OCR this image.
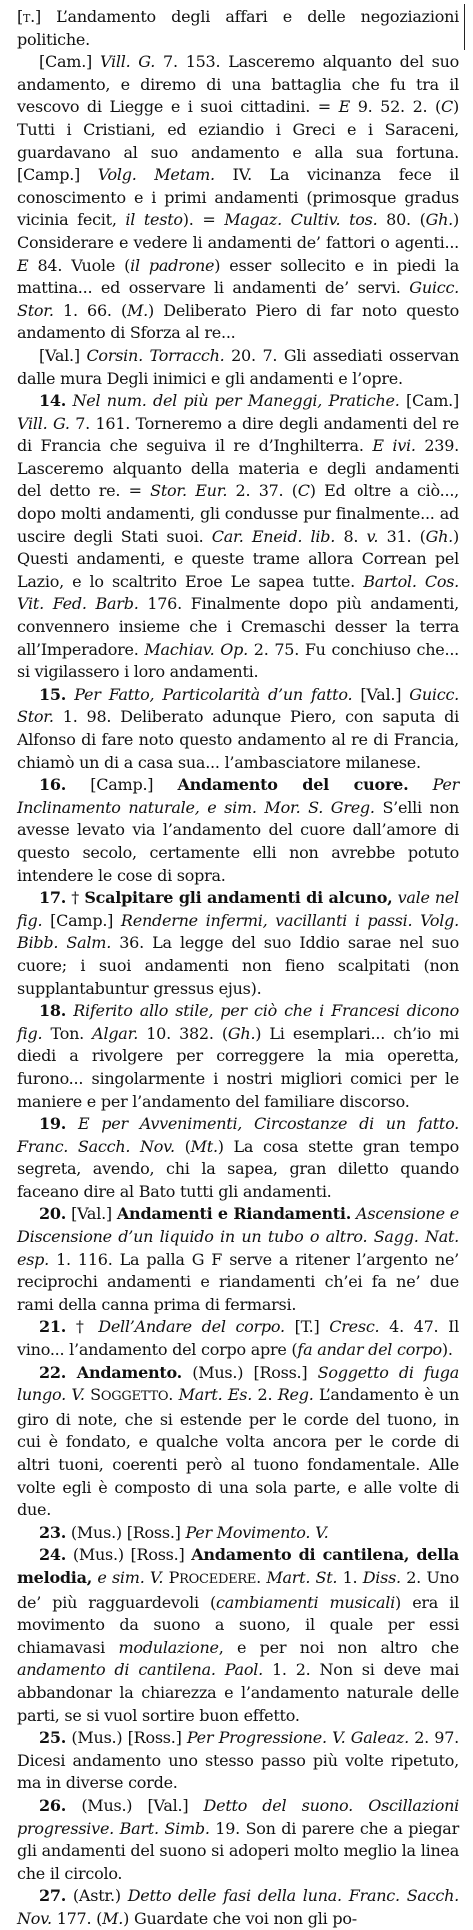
[t.] L’andamento degli affari e delle negoziazioni politiche.

[Cam.] Vill. G. 7. 153. Lasceremo alquanto del suo andamento, e diremo di una battaglia che fu tra il vescovo di Liegge e i suoi cittadini. = E 9. 52. 2. (C) Tutti i Cristiani, ed eziandio i Greci e i Saraceni, guardavano al suo andamento e alla sua fortuna. [Camp.] Volg. Metam. IV. La vicinanza fece il conoscimento e i primi andamenti (primosque gradus vicinia fecit, il testo). = Magaz. Cultiv. tos. 80. (Gh.) Considerare e vedere li andamenti de’ fattori o agenti... E 84. Vuole (il padrone) esser sollecito e in piedi la mattina... ed osservare li andamenti de’ servi. Guicc. Stor. 1. 66. (M.) Deliberato Piero di far noto questo andamento di Sforza al re...

[Val.] Corsin. Torracch. 20. 7. Gli assediati osservan dalle mura Degli inimici e gli andamenti e l’opre.

14. Nel num. del più per Maneggi, Pratiche. [Cam.] Vill. G. 7. 161. Torneremo a dire degli andamenti del re di Francia che seguiva il re d’Inghilterra. E ivi. 239. Lasceremo alquanto della materia e degli andamenti del detto re. = Stor. Eur. 2. 37. (C) Ed oltre a ciò..., dopo molti andamenti, gli condusse pur finalmente... ad uscire degli Stati suoi. Car. Eneid. lib. 8. v. 31. (Gh.) Questi andamenti, e queste trame allora Correan pel Lazio, e lo scaltrito Eroe Le sapea tutte. Bartol. Cos. Vit. Fed. Barb. 176. Finalmente dopo più andamenti, convennero insieme che i Cremaschi desser la terra all’Imperadore. Machiav. Op. 2. 75. Fu conchiuso che... si vigilassero i loro andamenti.

15. Per Fatto, Particolarità d’un fatto. [Val.] Guicc. Stor. 1. 98. Deliberato adunque Piero, con saputa di Alfonso di fare noto questo andamento al re di Francia, chiamò un di a casa sua... l’ambasciatore milanese.

16. [Camp.] Andamento del cuore. Per Inclinamento naturale, e sim. Mor. S. Greg. S’elli non avesse levato via l’andamento del cuore dall’amore di questo secolo, certamente elli non avrebbe potuto intendere le cose di sopra.

17. † Scalpitare gli andamenti di alcuno, vale nel fig. [Camp.] Renderne infermi, vacillanti i passi. Volg. Bibb. Salm. 36. La legge del suo Iddio sarae nel suo cuore; i suoi andamenti non fieno scalpitati (non supplantabuntur gressus ejus).

18. Riferito allo stile, per ciò che i Francesi dicono fig. Ton. Algar. 10. 382. (Gh.) Li esemplari... ch’io mi diedi a rivolgere per correggere la mia operetta, furono... singolarmente i nostri migliori comici per le maniere e per l’andamento del familiare discorso.

19. E per Avvenimenti, Circostanze di un fatto. Franc. Sacch. Nov. (Mt.) La cosa stette gran tempo segreta, avendo, chi la sapea, gran diletto quando faceano dire al Bato tutti gli andamenti.

20. [Val.] Andamenti e Riandamenti. Ascensione e Discensione d’un liquido in un tubo o altro. Sagg. Nat. esp. 1. 116. La palla G F serve a ritener l’argento ne’ reciprochi andamenti e riandamenti ch’ei fa ne’ due rami della canna prima di fermarsi.

21. † Dell’Andare del corpo. [T.] Cresc. 4. 47. Il vino... l’andamento del corpo apre (fa andar del corpo).

22. Andamento. (Mus.) [Ross.] Soggetto di fuga lungo. V. SOGGETTO. Mart. Es. 2. Reg. L’andamento è un giro di note, che si estende per le corde del tuono, in cui è fondato, e qualche volta ancora per le corde di altri tuoni, coerenti però al tuono fondamentale. Alle volte egli è composto di una sola parte, e alle volte di due.

23. (Mus.) [Ross.] Per Movimento. V.

24. (Mus.) [Ross.] Andamento di cantilena, della melodia, e sim. V. PROCEDERE. Mart. St. 1. Diss. 2. Uno de’ più ragguardevoli (cambiamenti musicali) era il movimento da suono a suono, il quale per essi chiamavasi modulazione, e per noi non altro che andamento di cantilena. Paol. 1. 2. Non si deve mai abbandonar la chiarezza e l’andamento naturale delle parti, se si vuol sortire buon effetto.

25. (Mus.) [Ross.] Per Progressione. V. Galeaz. 2. 97. Dicesi andamento uno stesso passo più volte ripetuto, ma in diverse corde.

26. (Mus.) [Val.] Detto del suono. Oscillazioni progressive. Bart. Simb. 19. Son di parere che a piegar gli andamenti del suono si adoperi molto meglio la linea che il circolo.

27. (Astr.) Detto delle fasi della luna. Franc. Sacch. Nov. 177. (M.) Guardate che voi non gli po-
